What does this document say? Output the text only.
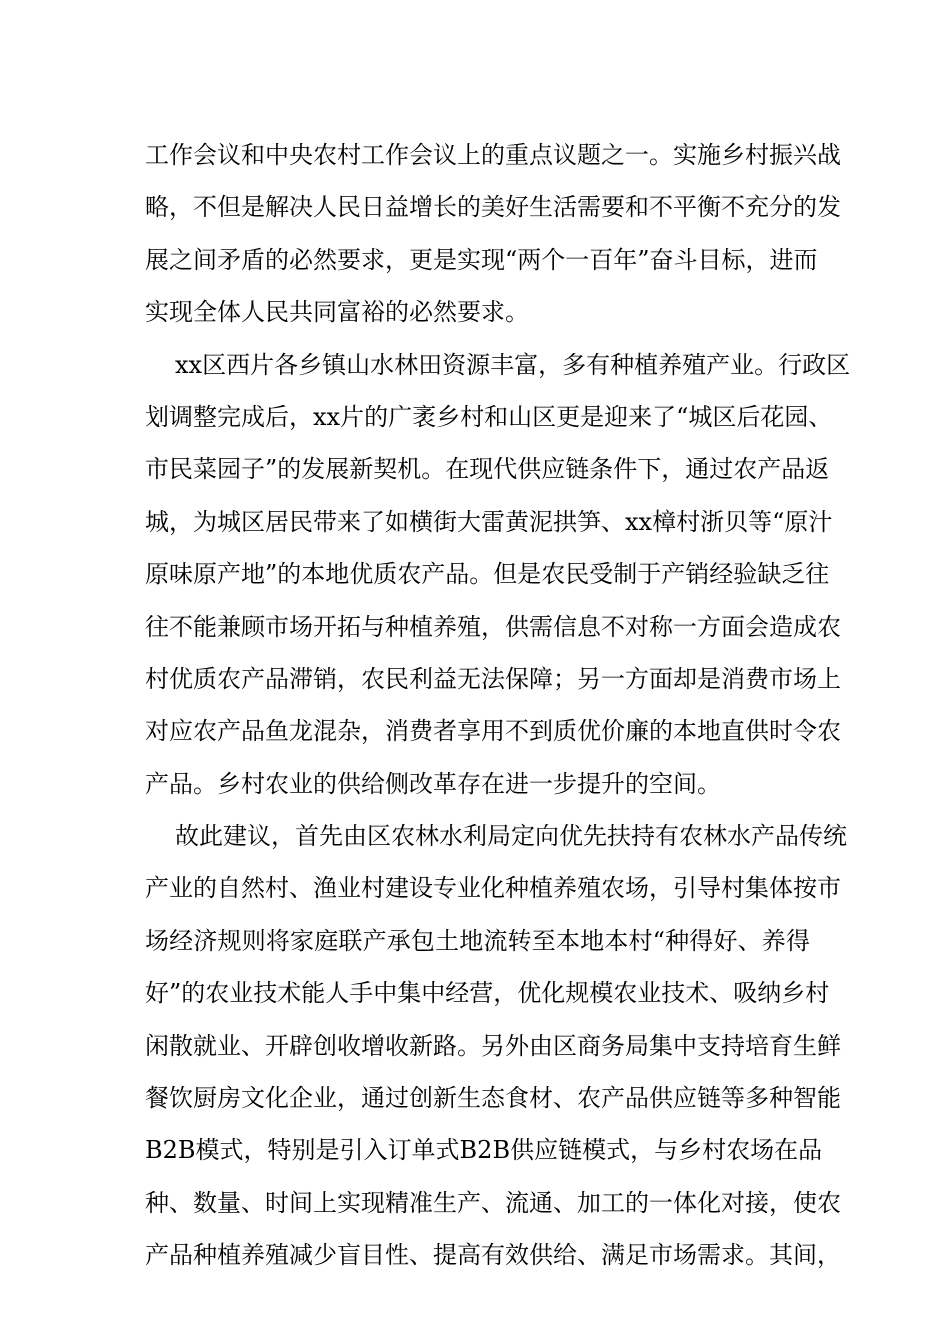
工作会议和中央农村工作会议上的重点议题之一。实施乡村振兴战
略，不但是解决人民日益增长的美好生活需要和不平衡不充分的发
展之间矛盾的必然要求，更是实现“两个一百年”奋斗目标，进而
实现全体人民共同富裕的必然要求。
xx区西片各乡镇山水林田资源丰富，多有种植养殖产业。行政区
划调整完成后，xx片的广袤乡村和山区更是迎来了“城区后花园、
市民菜园子”的发展新契机。在现代供应链条件下，通过农产品返
城，为城区居民带来了如横街大雷黄泥拱笋、xx樟村浙贝等“原汁
原味原产地”的本地优质农产品。但是农民受制于产销经验缺乏往
往不能兼顾市场开拓与种植养殖，供需信息不对称一方面会造成农
村优质农产品滞销，农民利益无法保障；另一方面却是消费市场上
对应农产品鱼龙混杂，消费者享用不到质优价廉的本地直供时令农
产品。乡村农业的供给侧改革存在进一步提升的空间。
故此建议，首先由区农林水利局定向优先扶持有农林水产品传统
产业的自然村、渔业村建设专业化种植养殖农场，引导村集体按市
场经济规则将家庭联产承包土地流转至本地本村“种得好、养得
好”的农业技术能人手中集中经营，优化规模农业技术、吸纳乡村
闲散就业、开辟创收增收新路。另外由区商务局集中支持培育生鲜
餐饮厨房文化企业，通过创新生态食材、农产品供应链等多种智能
B2B模式，特别是引入订单式B2B供应链模式，与乡村农场在品
种、数量、时间上实现精准生产、流通、加工的一体化对接，使农
产品种植养殖减少盲目性、提高有效供给、满足市场需求。其间，
